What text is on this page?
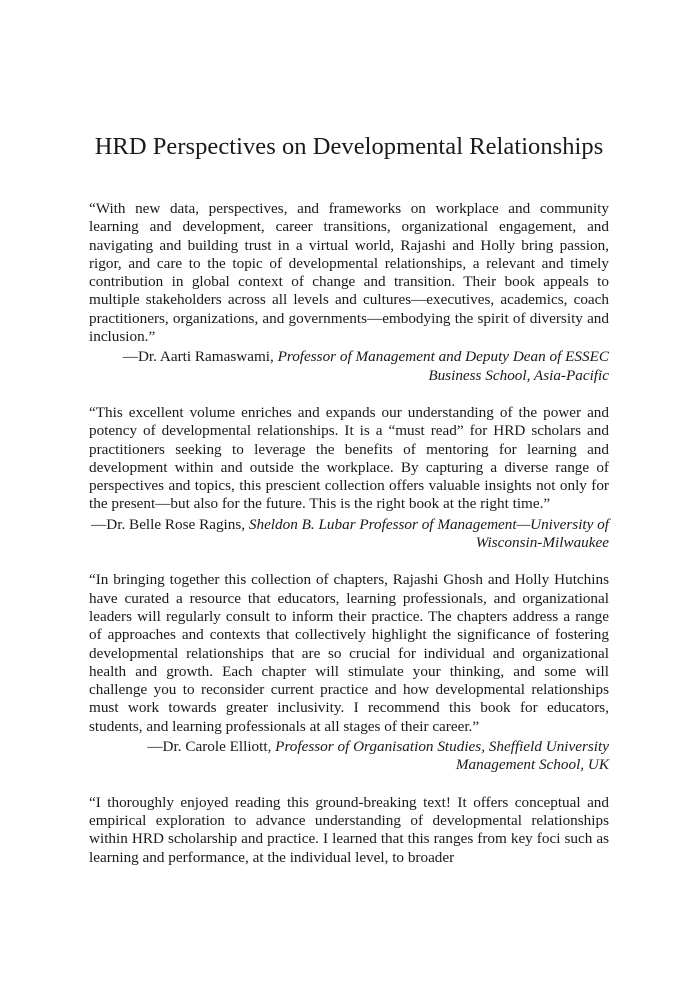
HRD Perspectives on Developmental Relationships

“With new data, perspectives, and frameworks on workplace and community learning and development, career transitions, organizational engagement, and navigating and building trust in a virtual world, Rajashi and Holly bring passion, rigor, and care to the topic of developmental relationships, a relevant and timely contribution in global context of change and transition. Their book appeals to multiple stakeholders across all levels and cultures—executives, academics, coach practitioners, organizations, and governments—embodying the spirit of diversity and inclusion.”

—Dr. Aarti Ramaswami, Professor of Management and Deputy Dean of ESSEC Business School, Asia-Pacific

“This excellent volume enriches and expands our understanding of the power and potency of developmental relationships. It is a “must read” for HRD scholars and practitioners seeking to leverage the benefits of mentoring for learning and development within and outside the workplace. By capturing a diverse range of perspectives and topics, this prescient collection offers valuable insights not only for the present—but also for the future. This is the right book at the right time.”

—Dr. Belle Rose Ragins, Sheldon B. Lubar Professor of Management—University of Wisconsin-Milwaukee

“In bringing together this collection of chapters, Rajashi Ghosh and Holly Hutchins have curated a resource that educators, learning professionals, and organizational leaders will regularly consult to inform their practice. The chapters address a range of approaches and contexts that collectively highlight the significance of fostering developmental relationships that are so crucial for individual and organizational health and growth. Each chapter will stimulate your thinking, and some will challenge you to reconsider current practice and how developmental relationships must work towards greater inclusivity. I recommend this book for educators, students, and learning professionals at all stages of their career.”

—Dr. Carole Elliott, Professor of Organisation Studies, Sheffield University Management School, UK

“I thoroughly enjoyed reading this ground-breaking text! It offers conceptual and empirical exploration to advance understanding of developmental relationships within HRD scholarship and practice. I learned that this ranges from key foci such as learning and performance, at the individual level, to broader
